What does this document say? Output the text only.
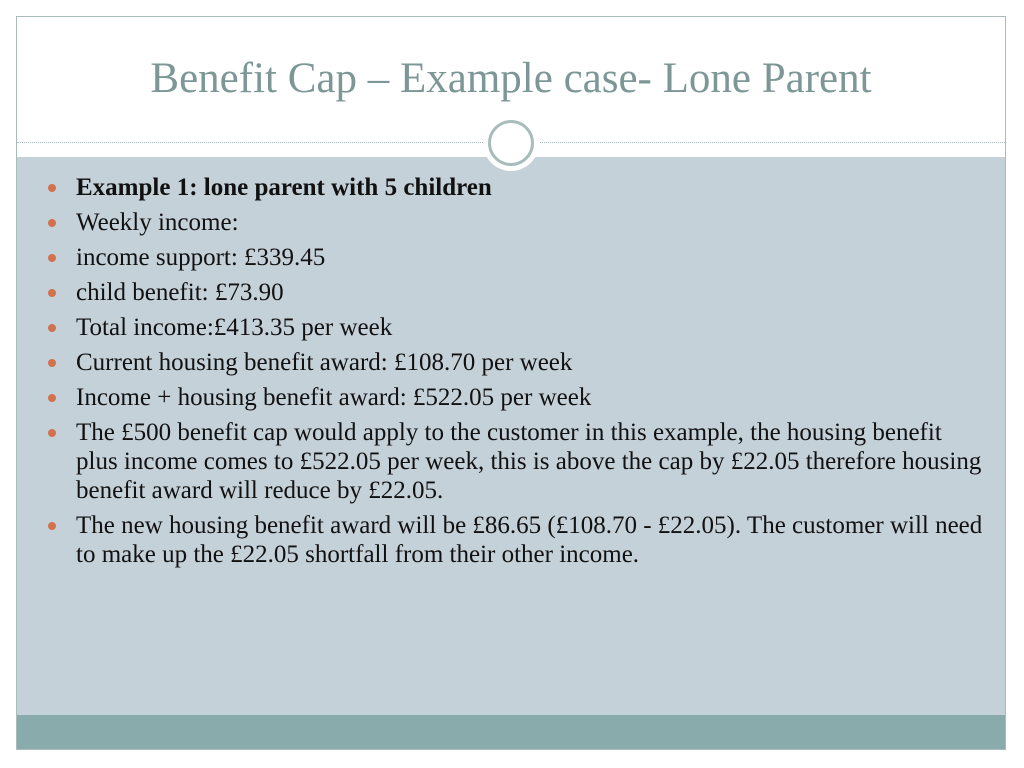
Benefit Cap – Example case- Lone Parent
Example 1: lone parent with 5 children
Weekly income:
income support: £339.45
child benefit: £73.90
Total income:£413.35 per week
Current housing benefit award: £108.70 per week
Income + housing benefit award: £522.05 per week
The £500 benefit cap would apply to the customer in this example, the housing benefit plus income comes to £522.05 per week, this is above the cap by £22.05 therefore housing benefit award will reduce by £22.05.
The new housing benefit award will be £86.65 (£108.70 - £22.05). The customer will need to make up the £22.05 shortfall from their other income.
